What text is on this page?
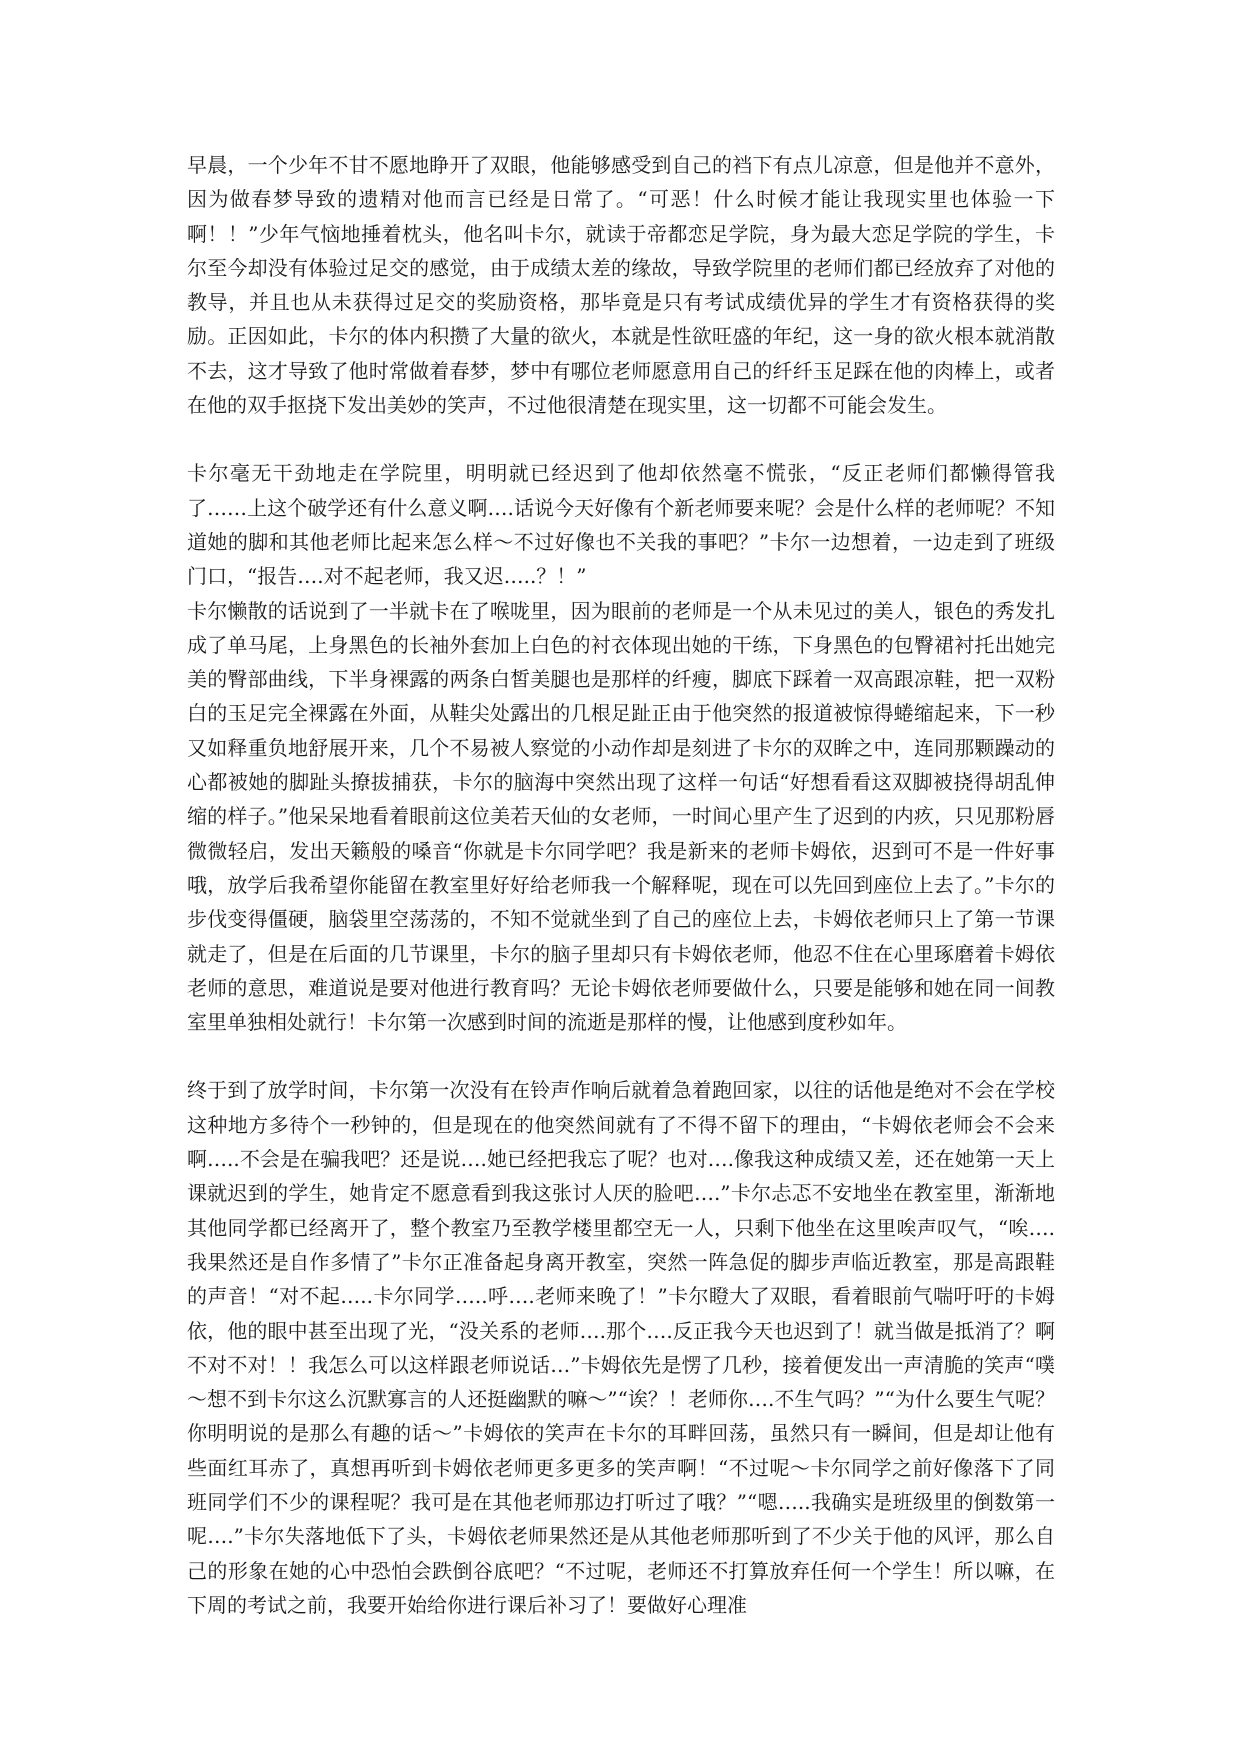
早晨，一个少年不甘不愿地睁开了双眼，他能够感受到自己的裆下有点儿凉意，但是他并不意外，因为做春梦导致的遗精对他而言已经是日常了。“可恶！什么时候才能让我现实里也体验一下啊！！”少年气恼地捶着枕头，他名叫卡尔，就读于帝都恋足学院，身为最大恋足学院的学生，卡尔至今却没有体验过足交的感觉，由于成绩太差的缘故，导致学院里的老师们都已经放弃了对他的教导，并且也从未获得过足交的奖励资格，那毕竟是只有考试成绩优异的学生才有资格获得的奖励。正因如此，卡尔的体内积攒了大量的欲火，本就是性欲旺盛的年纪，这一身的欲火根本就消散不去，这才导致了他时常做着春梦，梦中有哪位老师愿意用自己的纤纤玉足踩在他的肉棒上，或者在他的双手抠挠下发出美妙的笑声，不过他很清楚在现实里，这一切都不可能会发生。

卡尔毫无干劲地走在学院里，明明就已经迟到了他却依然毫不慌张，“反正老师们都懒得管我了……上这个破学还有什么意义啊….话说今天好像有个新老师要来呢？会是什么样的老师呢？不知道她的脚和其他老师比起来怎么样～不过好像也不关我的事吧？”卡尔一边想着，一边走到了班级门口，“报告….对不起老师，我又迟…..？！”

卡尔懒散的话说到了一半就卡在了喉咙里，因为眼前的老师是一个从未见过的美人，银色的秀发扎成了单马尾，上身黑色的长袖外套加上白色的衬衣体现出她的干练，下身黑色的包臀裙衬托出她完美的臀部曲线，下半身裸露的两条白皙美腿也是那样的纤瘦，脚底下踩着一双高跟凉鞋，把一双粉白的玉足完全裸露在外面，从鞋尖处露出的几根足趾正由于他突然的报道被惊得蜷缩起来，下一秒又如释重负地舒展开来，几个不易被人察觉的小动作却是刻进了卡尔的双眸之中，连同那颗躁动的心都被她的脚趾头撩拔捕获，卡尔的脑海中突然出现了这样一句话“好想看看这双脚被挠得胡乱伸缩的样子。”他呆呆地看着眼前这位美若天仙的女老师，一时间心里产生了迟到的内疚，只见那粉唇微微轻启，发出天籁般的嗓音“你就是卡尔同学吧？我是新来的老师卡姆依，迟到可不是一件好事哦，放学后我希望你能留在教室里好好给老师我一个解释呢，现在可以先回到座位上去了。”卡尔的步伐变得僵硬，脑袋里空荡荡的，不知不觉就坐到了自己的座位上去，卡姆依老师只上了第一节课就走了，但是在后面的几节课里，卡尔的脑子里却只有卡姆依老师，他忍不住在心里琢磨着卡姆依老师的意思，难道说是要对他进行教育吗？无论卡姆依老师要做什么，只要是能够和她在同一间教室里单独相处就行！卡尔第一次感到时间的流逝是那样的慢，让他感到度秒如年。

终于到了放学时间，卡尔第一次没有在铃声作响后就着急着跑回家，以往的话他是绝对不会在学校这种地方多待个一秒钟的，但是现在的他突然间就有了不得不留下的理由，“卡姆依老师会不会来啊…..不会是在骗我吧？还是说….她已经把我忘了呢？也对….像我这种成绩又差，还在她第一天上课就迟到的学生，她肯定不愿意看到我这张讨人厌的脸吧….”卡尔忐忑不安地坐在教室里，渐渐地其他同学都已经离开了，整个教室乃至教学楼里都空无一人，只剩下他坐在这里唉声叹气，“唉….我果然还是自作多情了”卡尔正准备起身离开教室，突然一阵急促的脚步声临近教室，那是高跟鞋的声音！“对不起…..卡尔同学…..呼….老师来晚了！”卡尔瞪大了双眼，看着眼前气喘吁吁的卡姆依，他的眼中甚至出现了光，“没关系的老师….那个….反正我今天也迟到了！就当做是抵消了？啊不对不对！！我怎么可以这样跟老师说话…”卡姆依先是愣了几秒，接着便发出一声清脆的笑声“噗～想不到卡尔这么沉默寡言的人还挺幽默的嘛～”“诶？！老师你….不生气吗？”“为什么要生气呢？你明明说的是那么有趣的话～”卡姆依的笑声在卡尔的耳畔回荡，虽然只有一瞬间，但是却让他有些面红耳赤了，真想再听到卡姆依老师更多更多的笑声啊！“不过呢～卡尔同学之前好像落下了同班同学们不少的课程呢？我可是在其他老师那边打听过了哦？”“嗯…..我确实是班级里的倒数第一呢….”卡尔失落地低下了头，卡姆依老师果然还是从其他老师那听到了不少关于他的风评，那么自己的形象在她的心中恐怕会跌倒谷底吧？“不过呢，老师还不打算放弃任何一个学生！所以嘛，在下周的考试之前，我要开始给你进行课后补习了！要做好心理准
